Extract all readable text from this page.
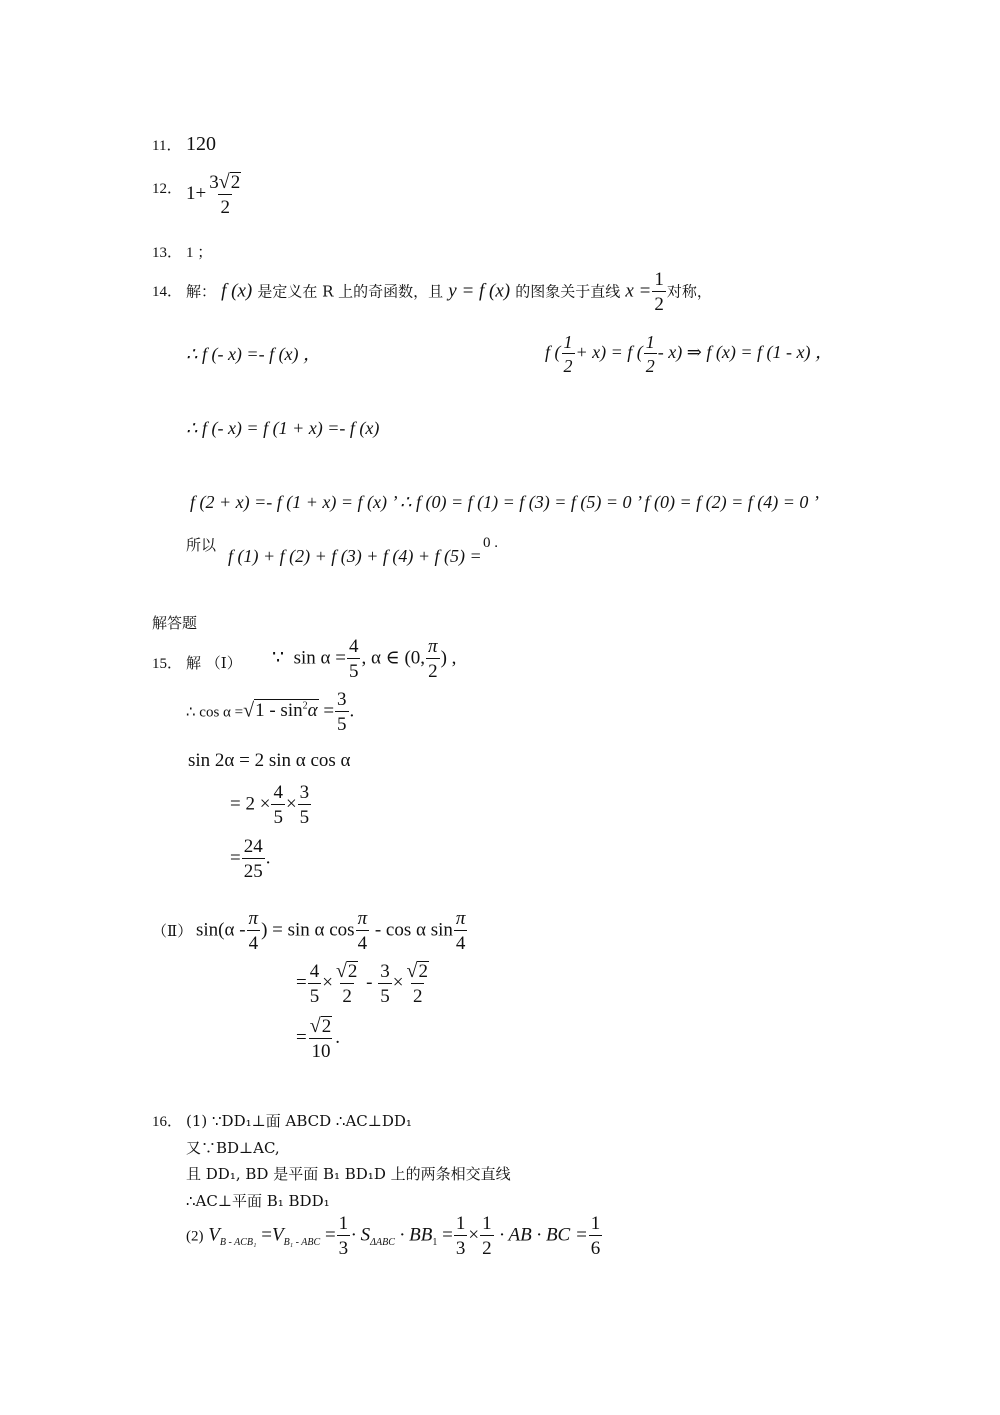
11． 120
12． $1+ \frac{3√2}{2}$
13． 1 ；
14． 解： f (x) 是定义在 R 上的奇函数，且 y = f (x) 的图象关于直线 $x = \frac{1}{2}$ 对称，
∴ f (- x) =- f (x) ，	f ( $\frac{1}{2} + x) = f$ ( $\frac{1}{2} - x$) ⇒ f (x) = f (1 - x) ，
∴ f (- x) = f (1 + x) =- f (x)
f (2 + x) =- f (1 + x) = f (x) ’ ∴ f (0) = f (1) = f (3) = f (5) = 0 ’ f (0) = f (2) = f (4) = 0 ’
所以
f (1) + f (2) + f (3) + f (4) + f (5) =
0 .
解答题
15． 解 （Ⅰ） ∵ $\sin \alpha = \frac{4}{5}$ , α ∈ (0, $\frac{\pi}{2}$ ) ,
∴ $\cos \alpha =√1 - \sin^2\alpha = \frac{3}{5}$ .
sin 2α = 2 sin α cos α
= $2 \times \frac{4}{5} \times \frac{3}{5}$
= $\frac{24}{25}$ .
（Ⅱ） $\sin(\alpha - \frac{\pi}{4}$ ) = sin α $\cos \frac{\pi}{4}$ - cos α $\sin \frac{\pi}{4}$
= $\frac{4}{5} \times \frac{√2}{2} - \frac{3}{5} \times \frac{√2}{2}$
= $\frac{√2}{10}$ .
16． (1) ∵DD₁⊥面 ABCD ∴AC⊥DD₁
又∵BD⊥AC,
且 DD₁, BD 是平面 B₁ BD₁D 上的两条相交直线
∴AC⊥平面 B₁ BDD₁
(2) $V_{B - ACB_1} =V_{B_1 - ABC} = \frac{1}{3} \cdot S_{\Delta ABC} \cdot BB_1 = \frac{1}{3} \times \frac{1}{2}$ · AB · BC = $\frac{1}{6}$
